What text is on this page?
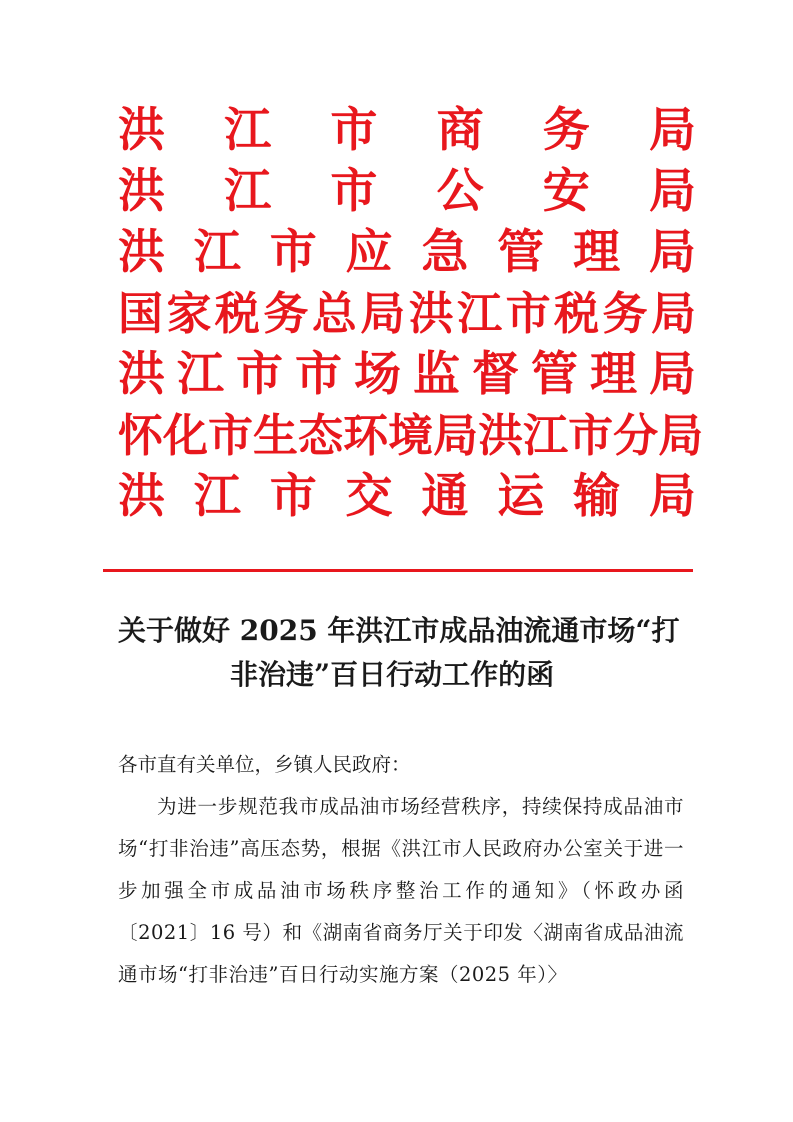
洪 江 市 商 务 局
洪 江 市 公 安 局
洪 江 市 应 急 管 理 局
国 家 税 务 总 局 洪 江 市 税 务 局
洪 江 市 市 场 监 督 管 理 局
怀 化 市 生 态 环 境 局 洪 江 市 分 局
洪 江 市 交 通 运 输 局
关于做好 2025 年洪江市成品油流通市场“打
非治违”百日行动工作的函

各市直有关单位，乡镇人民政府：

为进一步规范我市成品油市场经营秩序，持续保持成品油市场“打非治违”高压态势，根据《洪江市人民政府办公室关于进一步加强全市成品油市场秩序整治工作的通知》（怀政办函〔2021〕16 号）和《湖南省商务厅关于印发〈湖南省成品油流通市场“打非治违”百日行动实施方案（2025 年）〉
